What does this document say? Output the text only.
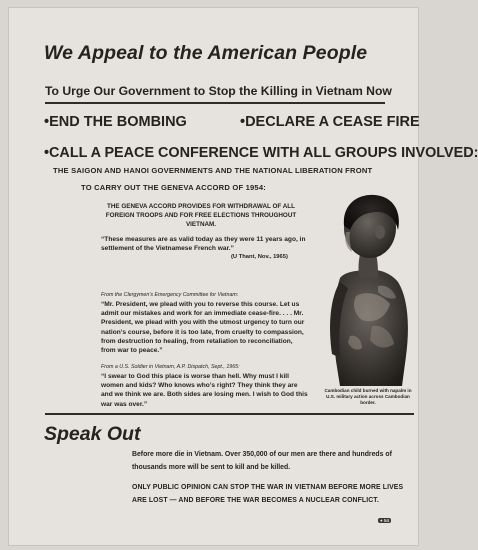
We Appeal to the American People
To Urge Our Government to Stop the Killing in Vietnam Now
•END THE BOMBING	•DECLARE A CEASE FIRE
•CALL A PEACE CONFERENCE WITH ALL GROUPS INVOLVED:
THE SAIGON AND HANOI GOVERNMENTS AND THE NATIONAL LIBERATION FRONT
TO CARRY OUT THE GENEVA ACCORD OF 1954:
THE GENEVA ACCORD PROVIDES FOR WITHDRAWAL OF ALL FOREIGN TROOPS AND FOR FREE ELECTIONS THROUGHOUT VIETNAM.
“These measures are as valid today as they were 11 years ago, in settlement of the Vietnamese French war.”
(U Thant, Nov., 1965)
From the Clergymen’s Emergency Committee for Vietnam:
“Mr. President, we plead with you to reverse this course. Let us admit our mistakes and work for an immediate cease-fire. . . . Mr. President, we plead with you with the utmost urgency to turn our nation’s course, before it is too late, from cruelty to compassion, from destruction to healing, from retaliation to reconciliation, from war to peace.”
From a U.S. Soldier in Vietnam, A.P. Dispatch, Sept., 1965:
“I swear to God this place is worse than hell. Why must I kill women and kids? Who knows who’s right? They think they are and we think we are. Both sides are losing men. I wish to God this war was over.”
Cambodian child burned with napalm in U.S. military action across Cambodian border.
Speak Out
Before more die in Vietnam. Over 350,000 of our men are there and hundreds of thousands more will be sent to kill and be killed.
ONLY PUBLIC OPINION CAN STOP THE WAR IN VIETNAM BEFORE MORE LIVES ARE LOST — AND BEFORE THE WAR BECOMES A NUCLEAR CONFLICT.
● 54
